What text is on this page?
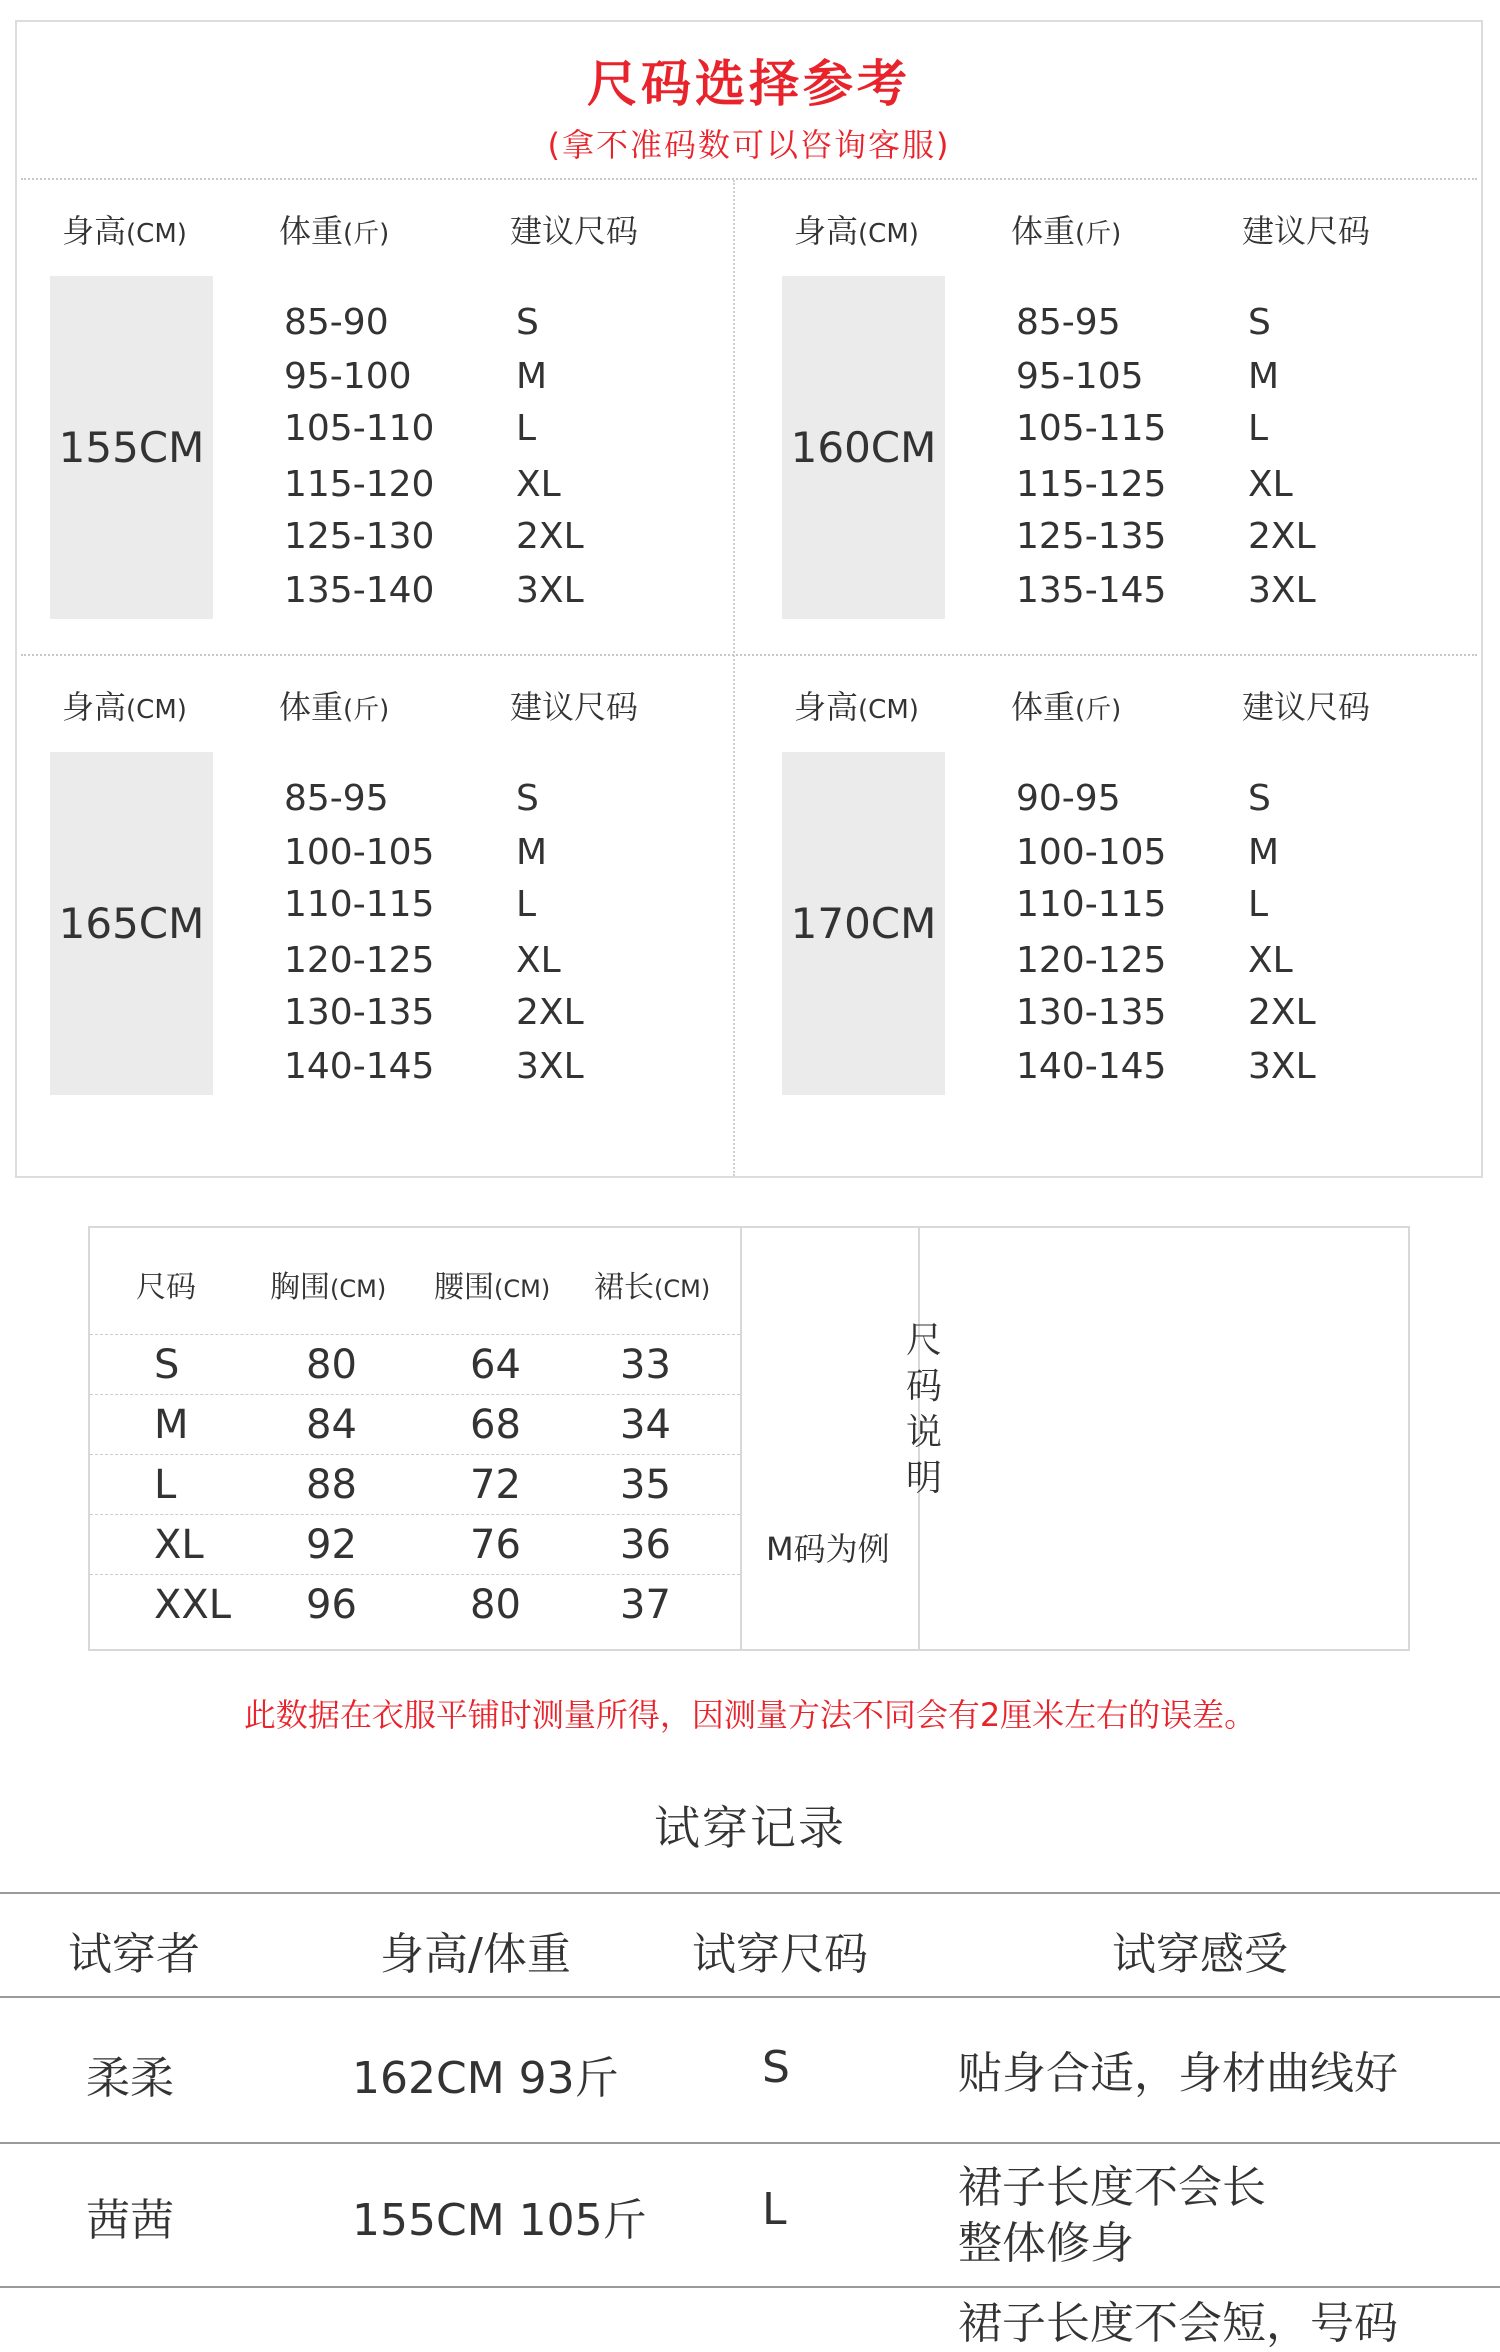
尺码选择参考
(拿不准码数可以咨询客服)
身高(CM)	体重(斤)	建议尺码
155CM
85-90	S
95-100	M
105-110 L
115-120 XL
125-130 2XL
135-140 3XL
身高(CM)	体重(斤)	建议尺码
160CM
85-95	S
95-105	M
105-115 L
115-125 XL
125-135 2XL
135-145 3XL
身高(CM)	体重(斤)	建议尺码
165CM
85-95	S
100-105 M
110-115 L
120-125 XL
130-135 2XL
140-145 3XL
身高(CM)	体重(斤)	建议尺码
170CM
90-95	S
100-105 M
110-115 L
120-125 XL
130-135 2XL
140-145 3XL
尺码 胸围(CM) 腰围(CM) 裙长(CM)
S	80	64 33
M	84	68 34
L	88	72 35
XL	92	76 36
XXL 96	80 37
尺码说明
M码为例
此数据在衣服平铺时测量所得，因测量方法不同会有2厘米左右的误差。
试穿记录
试穿者	身高/体重	试穿尺码	试穿感受
柔柔	162CM 93斤	S	贴身合适，身材曲线好
茜茜	155CM 105斤	L	裙子长度不会长
整体修身
裙子长度不会短，号码
